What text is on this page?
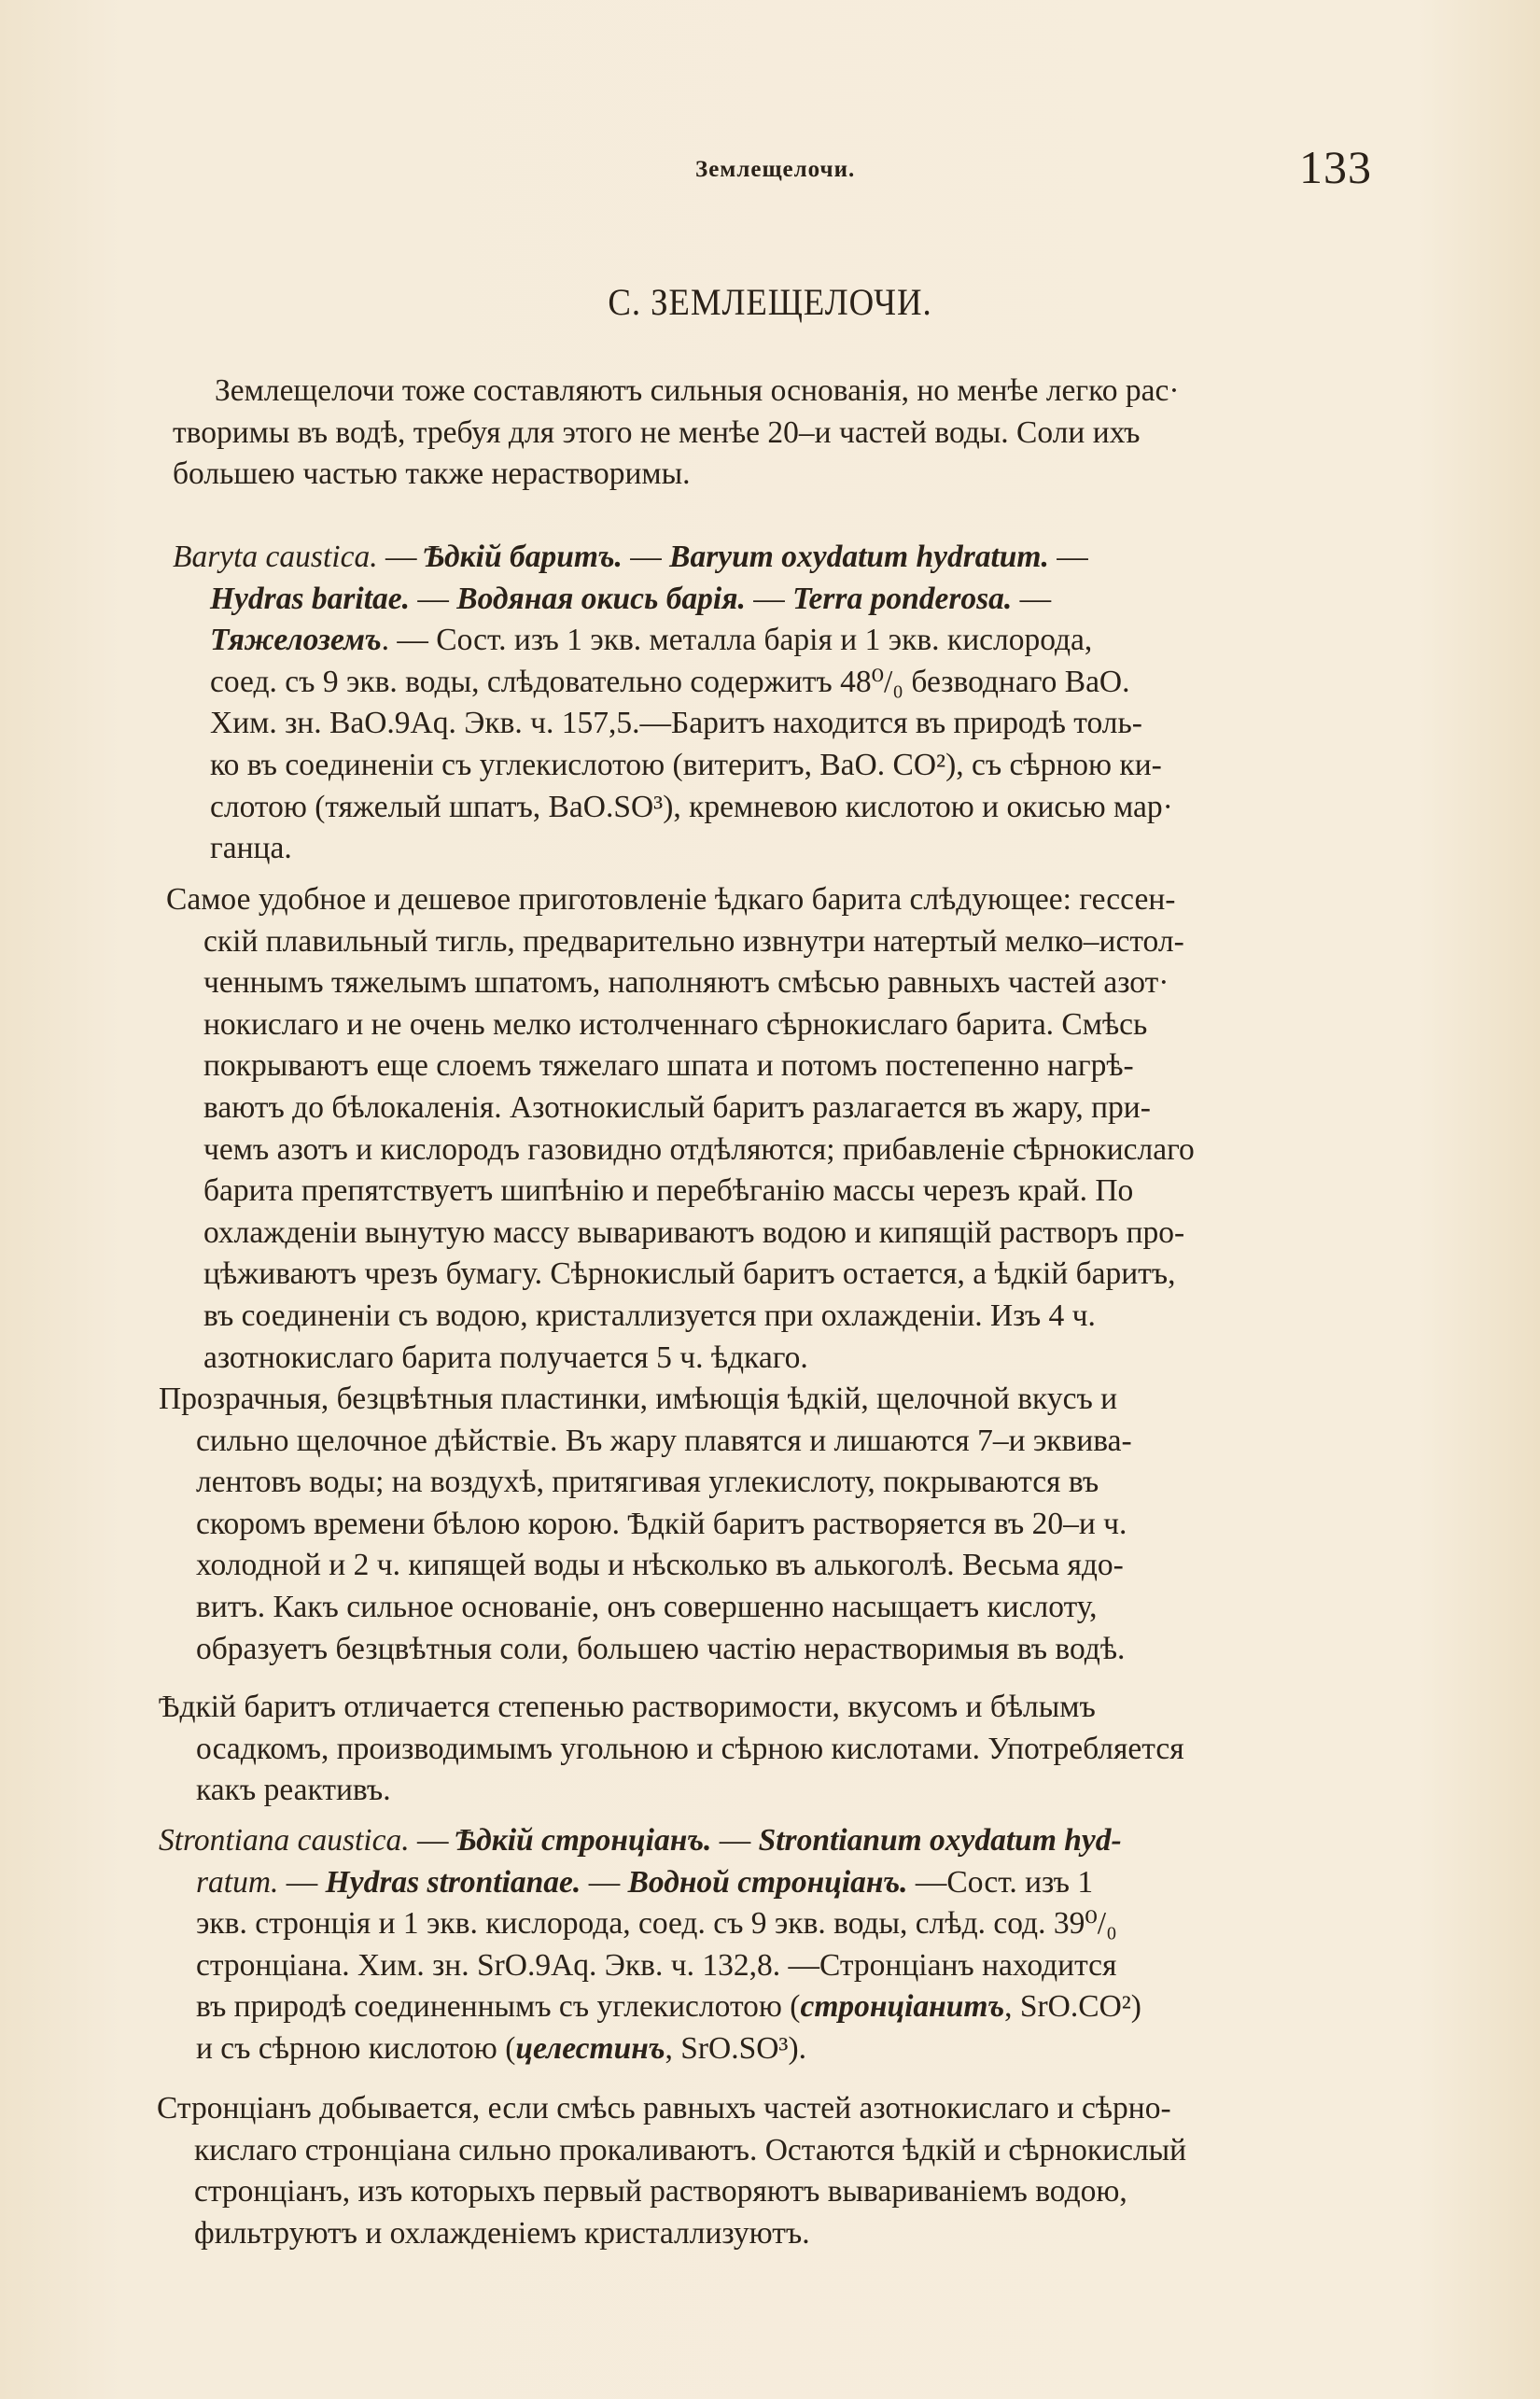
Землещелочи.	133
С. ЗЕМЛЕЩЕЛОЧИ.

Землещелочи тоже составляютъ сильныя основанія, но менѣе легко рас·
творимы въ водѣ, требуя для этого не менѣе 20–и частей воды. Соли ихъ
большею частью также нерастворимы.

Baryta caustica. — Ѣдкій баритъ. — Barуum oxydatum hydratum. —
Hydras baritae. — Водяная окись барія. — Terra ponderosa. —
Тяжелоземъ. — Сост. изъ 1 экв. металла барія и 1 экв. кислорода,
соед. съ 9 экв. воды, слѣдовательно содержитъ 48⁰/₀ безводнаго BaO.
Хим. зн. BaO.9Aq. Экв. ч. 157,5.—Баритъ находится въ природѣ толь-
ко въ соединеніи съ углекислотою (витеритъ, BaO. CO²), съ сѣрною ки-
слотою (тяжелый шпатъ, BaO.SO³), кремневою кислотою и окисью мар·
ганца.

Самое удобное и дешевое приготовленіе ѣдкаго барита слѣдующее: гессен-
скій плавильный тигль, предварительно извнутри натертый мелко–истол-
ченнымъ тяжелымъ шпатомъ, наполняютъ смѣсью равныхъ частей азот·
нокислаго и не очень мелко истолченнаго сѣрнокислаго барита. Смѣсь
покрываютъ еще слоемъ тяжелаго шпата и потомъ постепенно нагрѣ-
ваютъ до бѣлокаленія. Азотнокислый баритъ разлагается въ жару, при-
чемъ азотъ и кислородъ газовидно отдѣляются; прибавленіе сѣрнокислаго
барита препятствуетъ шипѣнію и перебѣганію массы черезъ край. По
охлажденіи вынутую массу вывариваютъ водою и кипящій растворъ про-
цѣживаютъ чрезъ бумагу. Сѣрнокислый баритъ остается, а ѣдкій баритъ,
въ соединеніи съ водою, кристаллизуется при охлажденіи. Изъ 4 ч.
азотнокислаго барита получается 5 ч. ѣдкаго.

Прозрачныя, безцвѣтныя пластинки, имѣющія ѣдкій, щелочной вкусъ и
сильно щелочное дѣйствіе. Въ жару плавятся и лишаются 7–и эквива-
лентовъ воды; на воздухѣ, притягивая углекислоту, покрываются въ
скоромъ времени бѣлою корою. Ѣдкій баритъ растворяется въ 20–и ч.
холодной и 2 ч. кипящей воды и нѣсколько въ алькоголѣ. Весьма ядо-
витъ. Какъ сильное основаніе, онъ совершенно насыщаетъ кислоту,
образуетъ безцвѣтныя соли, большею частію нерастворимыя въ водѣ.

Ѣдкій баритъ отличается степенью растворимости, вкусомъ и бѣлымъ
осадкомъ, производимымъ угольною и сѣрною кислотами. Употребляется
какъ реактивъ.

Strontiana caustica. — Ѣдкій стронціанъ. — Strontianum oxydatum hyd-
ratum. — Hydras strontianae. — Водной стронціанъ. —Сост. изъ 1
экв. стронція и 1 экв. кислорода, соед. съ 9 экв. воды, слѣд. сод. 39⁰/₀
стронціана. Хим. зн. SrO.9Aq. Экв. ч. 132,8. —Стронціанъ находится
въ природѣ соединеннымъ съ углекислотою (стронціанитъ, SrO.CO²)
и съ сѣрною кислотою (целестинъ, SrO.SO³).

Стронціанъ добывается, если смѣсь равныхъ частей азотнокислаго и сѣрно-
кислаго стронціана сильно прокаливаютъ. Остаются ѣдкій и сѣрнокислый
стронціанъ, изъ которыхъ первый растворяютъ вывариваніемъ водою,
фильтруютъ и охлажденіемъ кристаллизуютъ.
